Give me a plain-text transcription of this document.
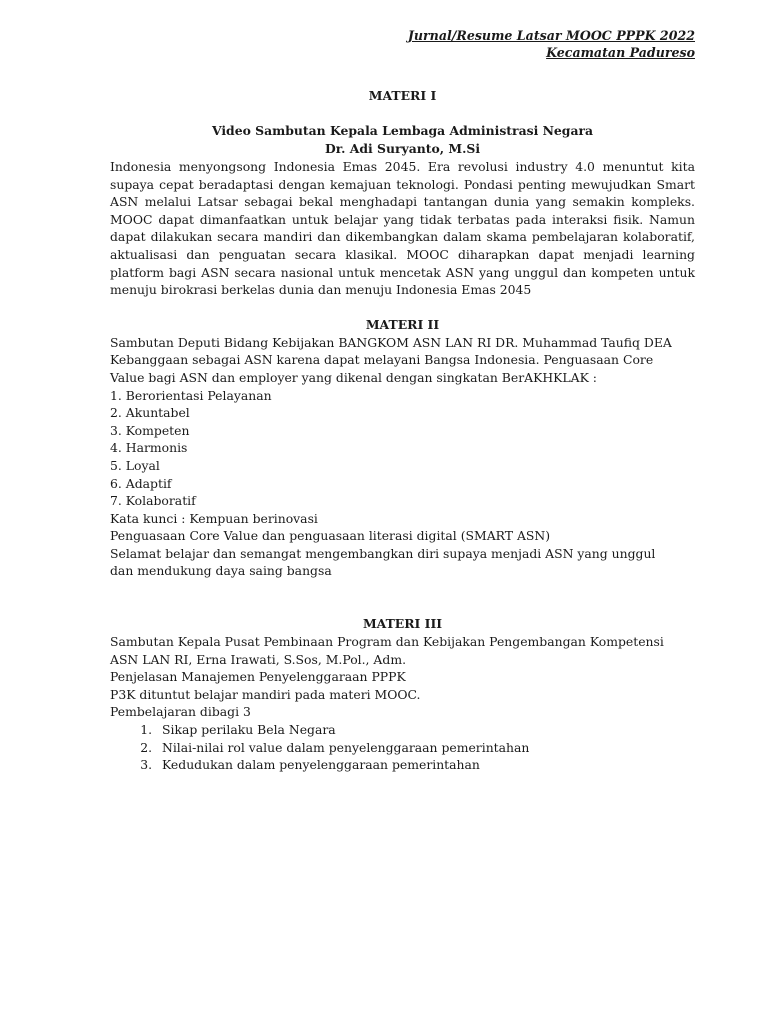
Jurnal/Resume Latsar MOOC PPPK 2022
Kecamatan Padureso
MATERI I
Video Sambutan Kepala Lembaga Administrasi Negara
Dr. Adi Suryanto, M.Si

Indonesia menyongsong Indonesia Emas 2045. Era revolusi industry 4.0 menuntut kita supaya cepat beradaptasi dengan kemajuan teknologi. Pondasi penting mewujudkan Smart ASN melalui Latsar sebagai bekal menghadapi tantangan dunia yang semakin kompleks. MOOC dapat dimanfaatkan untuk belajar yang tidak terbatas pada interaksi fisik. Namun dapat dilakukan secara mandiri dan dikembangkan dalam skama pembelajaran kolaboratif, aktualisasi dan penguatan secara klasikal. MOOC diharapkan dapat menjadi learning platform bagi ASN secara nasional untuk mencetak ASN yang unggul dan kompeten untuk menuju birokrasi berkelas dunia dan menuju Indonesia Emas 2045

MATERI II
Sambutan Deputi Bidang Kebijakan BANGKOM ASN LAN RI DR. Muhammad Taufiq DEA
Kebanggaan sebagai ASN karena dapat melayani Bangsa Indonesia. Penguasaan Core
Value bagi ASN dan employer yang dikenal dengan singkatan BerAKHKLAK :
1. Berorientasi Pelayanan
2. Akuntabel
3. Kompeten
4. Harmonis
5. Loyal
6. Adaptif
7. Kolaboratif
Kata kunci : Kempuan berinovasi
Penguasaan Core Value dan penguasaan literasi digital (SMART ASN)
Selamat belajar dan semangat mengembangkan diri supaya menjadi ASN yang unggul
dan mendukung daya saing bangsa
MATERI III
Sambutan Kepala Pusat Pembinaan Program dan Kebijakan Pengembangan Kompetensi
ASN LAN RI, Erna Irawati, S.Sos, M.Pol., Adm.
Penjelasan Manajemen Penyelenggaraan PPPK
P3K dituntut belajar mandiri pada materi MOOC.
Pembelajaran dibagi 3
1. Sikap perilaku Bela Negara
2. Nilai-nilai rol value dalam penyelenggaraan pemerintahan
3. Kedudukan dalam penyelenggaraan pemerintahan
